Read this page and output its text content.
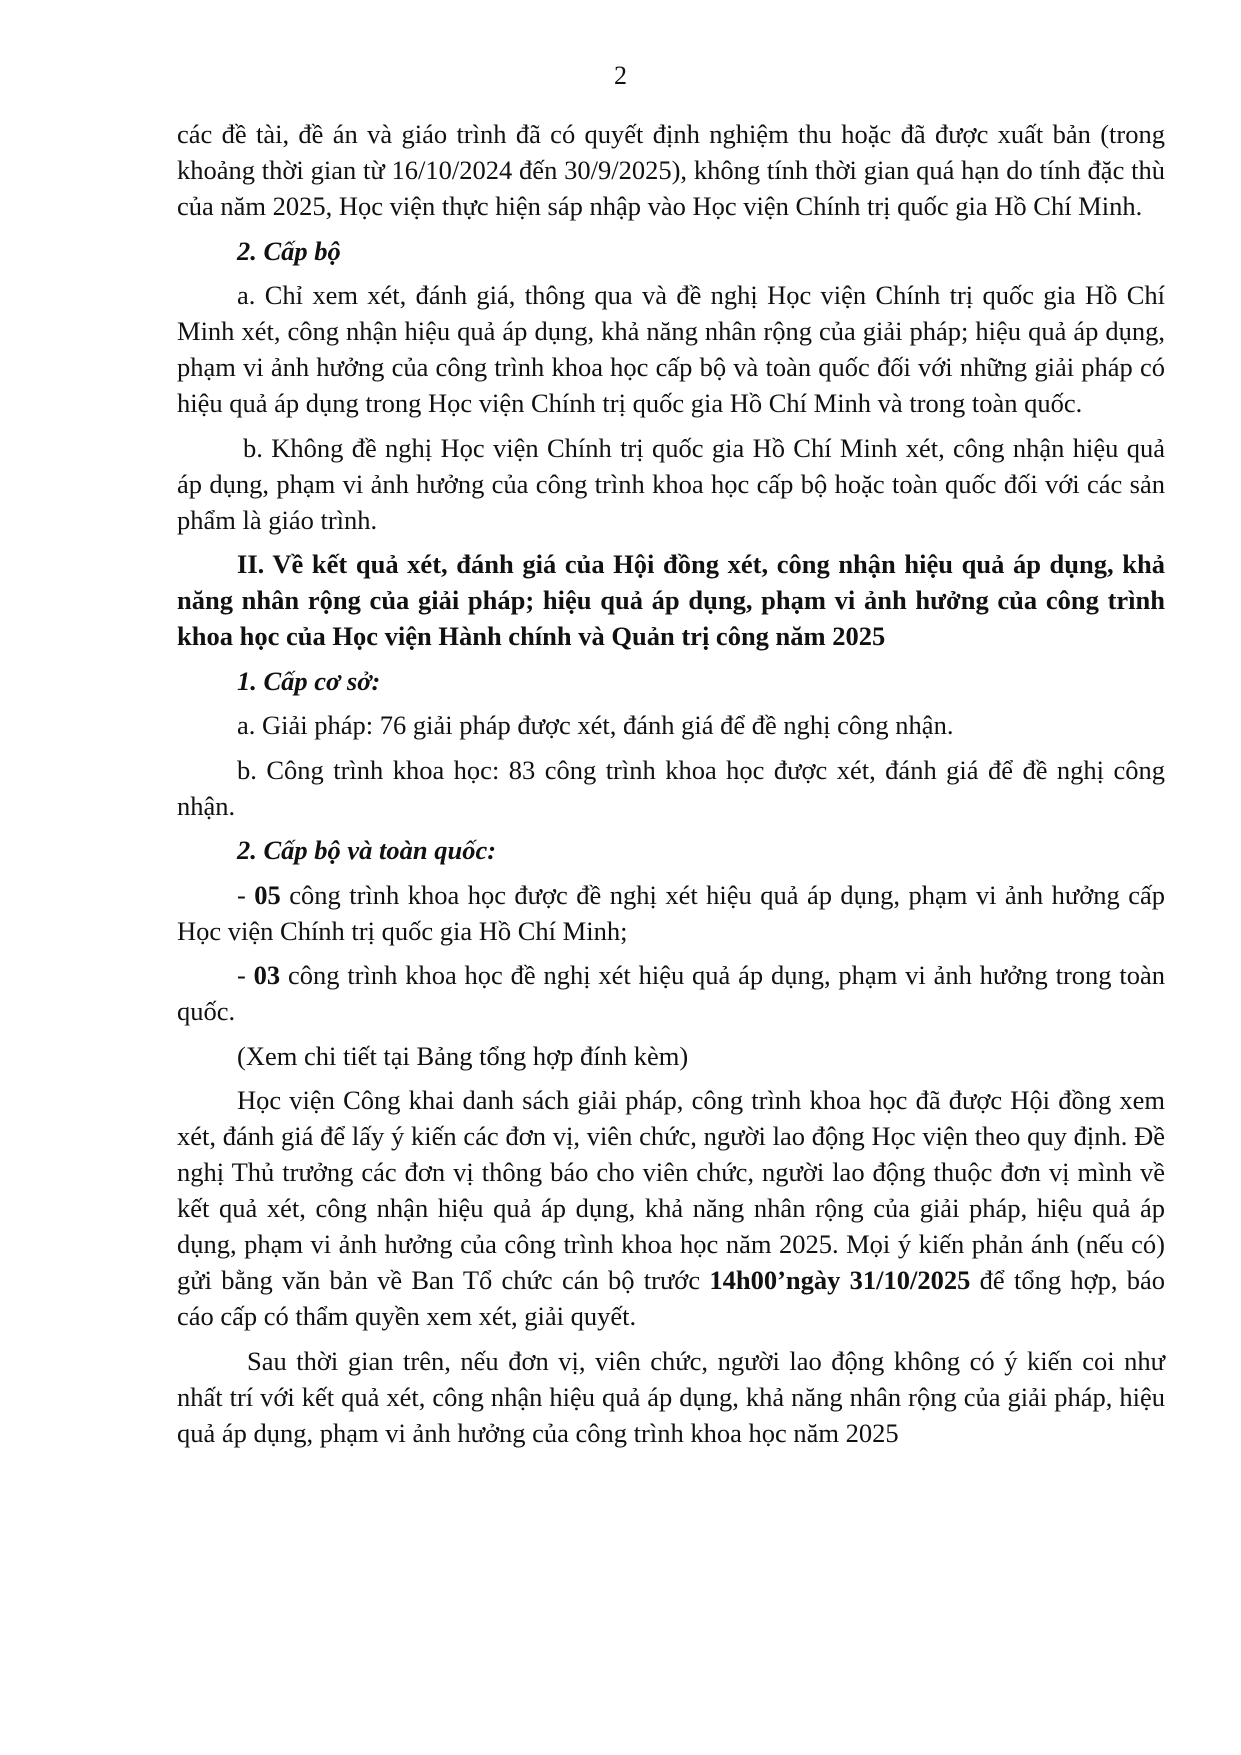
2

các đề tài, đề án và giáo trình đã có quyết định nghiệm thu hoặc đã được xuất bản (trong khoảng thời gian từ 16/10/2024 đến 30/9/2025), không tính thời gian quá hạn do tính đặc thù của năm 2025, Học viện thực hiện sáp nhập vào Học viện Chính trị quốc gia Hồ Chí Minh.

2. Cấp bộ

a. Chỉ xem xét, đánh giá, thông qua và đề nghị Học viện Chính trị quốc gia Hồ Chí Minh xét, công nhận hiệu quả áp dụng, khả năng nhân rộng của giải pháp; hiệu quả áp dụng, phạm vi ảnh hưởng của công trình khoa học cấp bộ và toàn quốc đối với những giải pháp có hiệu quả áp dụng trong Học viện Chính trị quốc gia Hồ Chí Minh và trong toàn quốc.

b. Không đề nghị Học viện Chính trị quốc gia Hồ Chí Minh xét, công nhận hiệu quả áp dụng, phạm vi ảnh hưởng của công trình khoa học cấp bộ hoặc toàn quốc đối với các sản phẩm là giáo trình.

II. Về kết quả xét, đánh giá của Hội đồng xét, công nhận hiệu quả áp dụng, khả năng nhân rộng của giải pháp; hiệu quả áp dụng, phạm vi ảnh hưởng của công trình khoa học của Học viện Hành chính và Quản trị công năm 2025

1. Cấp cơ sở:

a. Giải pháp: 76 giải pháp được xét, đánh giá để đề nghị công nhận.

b. Công trình khoa học: 83 công trình khoa học được xét, đánh giá để đề nghị công nhận.

2. Cấp bộ và toàn quốc:

- 05 công trình khoa học được đề nghị xét hiệu quả áp dụng, phạm vi ảnh hưởng cấp Học viện Chính trị quốc gia Hồ Chí Minh;

- 03 công trình khoa học đề nghị xét hiệu quả áp dụng, phạm vi ảnh hưởng trong toàn quốc.

(Xem chi tiết tại Bảng tổng hợp đính kèm)

Học viện Công khai danh sách giải pháp, công trình khoa học đã được Hội đồng xem xét, đánh giá để lấy ý kiến các đơn vị, viên chức, người lao động Học viện theo quy định. Đề nghị Thủ trưởng các đơn vị thông báo cho viên chức, người lao động thuộc đơn vị mình về kết quả xét, công nhận hiệu quả áp dụng, khả năng nhân rộng của giải pháp, hiệu quả áp dụng, phạm vi ảnh hưởng của công trình khoa học năm 2025. Mọi ý kiến phản ánh (nếu có) gửi bằng văn bản về Ban Tổ chức cán bộ trước 14h00’ngày 31/10/2025 để tổng hợp, báo cáo cấp có thẩm quyền xem xét, giải quyết.

Sau thời gian trên, nếu đơn vị, viên chức, người lao động không có ý kiến coi như nhất trí với kết quả xét, công nhận hiệu quả áp dụng, khả năng nhân rộng của giải pháp, hiệu quả áp dụng, phạm vi ảnh hưởng của công trình khoa học năm 2025
